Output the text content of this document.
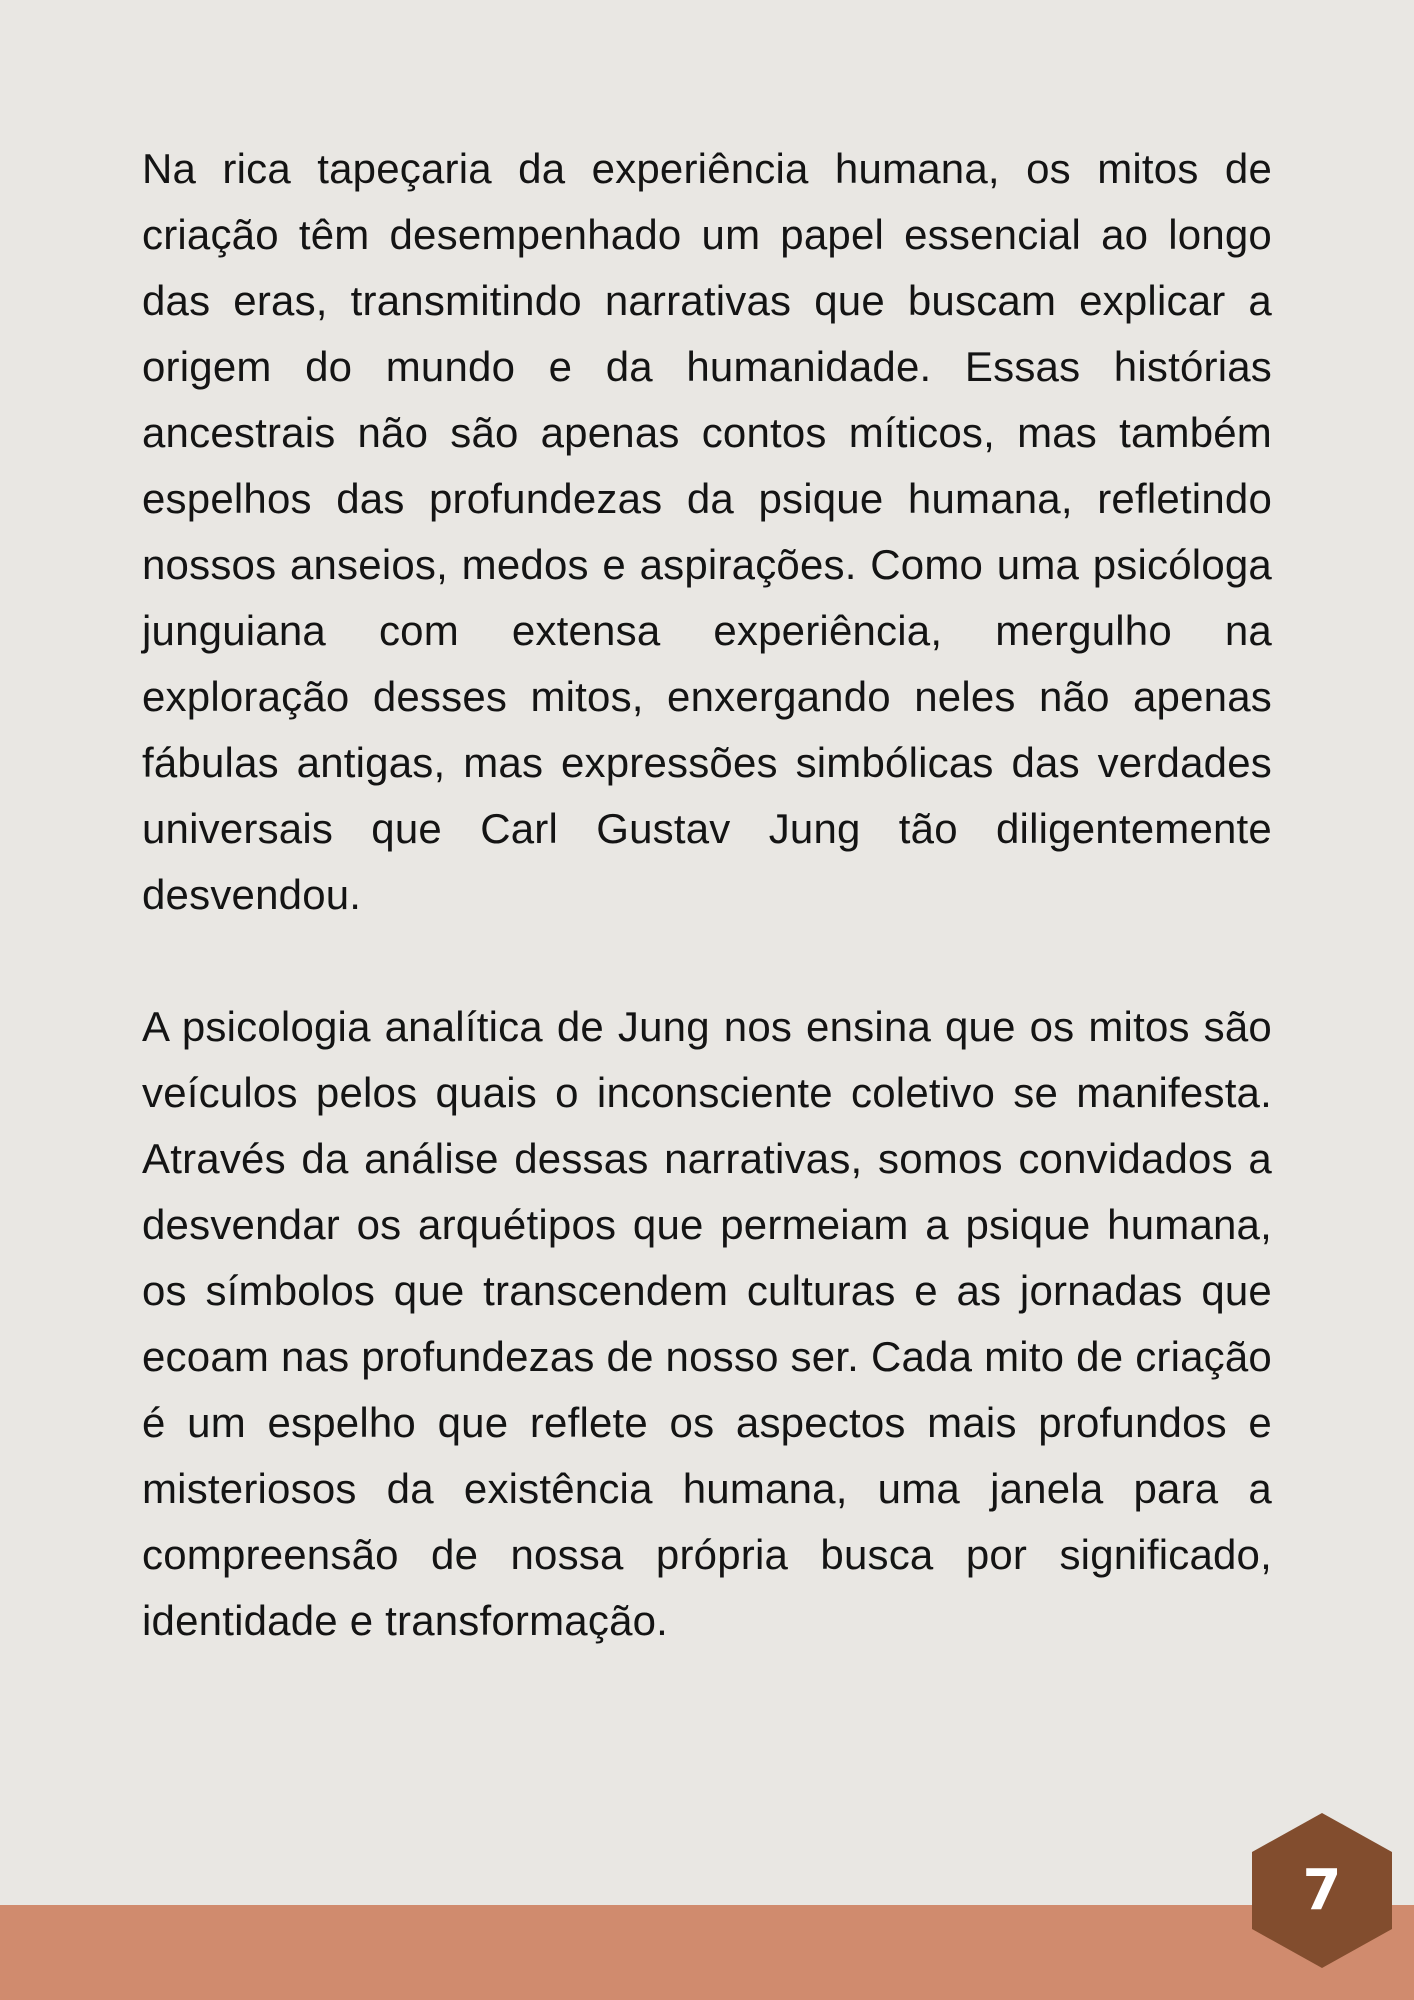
Na rica tapeçaria da experiência humana, os mitos de criação têm desempenhado um papel essencial ao longo das eras, transmitindo narrativas que buscam explicar a origem do mundo e da humanidade. Essas histórias ancestrais não são apenas contos míticos, mas também espelhos das profundezas da psique humana, refletindo nossos anseios, medos e aspirações. Como uma psicóloga junguiana com extensa experiência, mergulho na exploração desses mitos, enxergando neles não apenas fábulas antigas, mas expressões simbólicas das verdades universais que Carl Gustav Jung tão diligentemente desvendou.

A psicologia analítica de Jung nos ensina que os mitos são veículos pelos quais o inconsciente coletivo se manifesta. Através da análise dessas narrativas, somos convidados a desvendar os arquétipos que permeiam a psique humana, os símbolos que transcendem culturas e as jornadas que ecoam nas profundezas de nosso ser. Cada mito de criação é um espelho que reflete os aspectos mais profundos e misteriosos da existência humana, uma janela para a compreensão de nossa própria busca por significado, identidade e transformação.

7
